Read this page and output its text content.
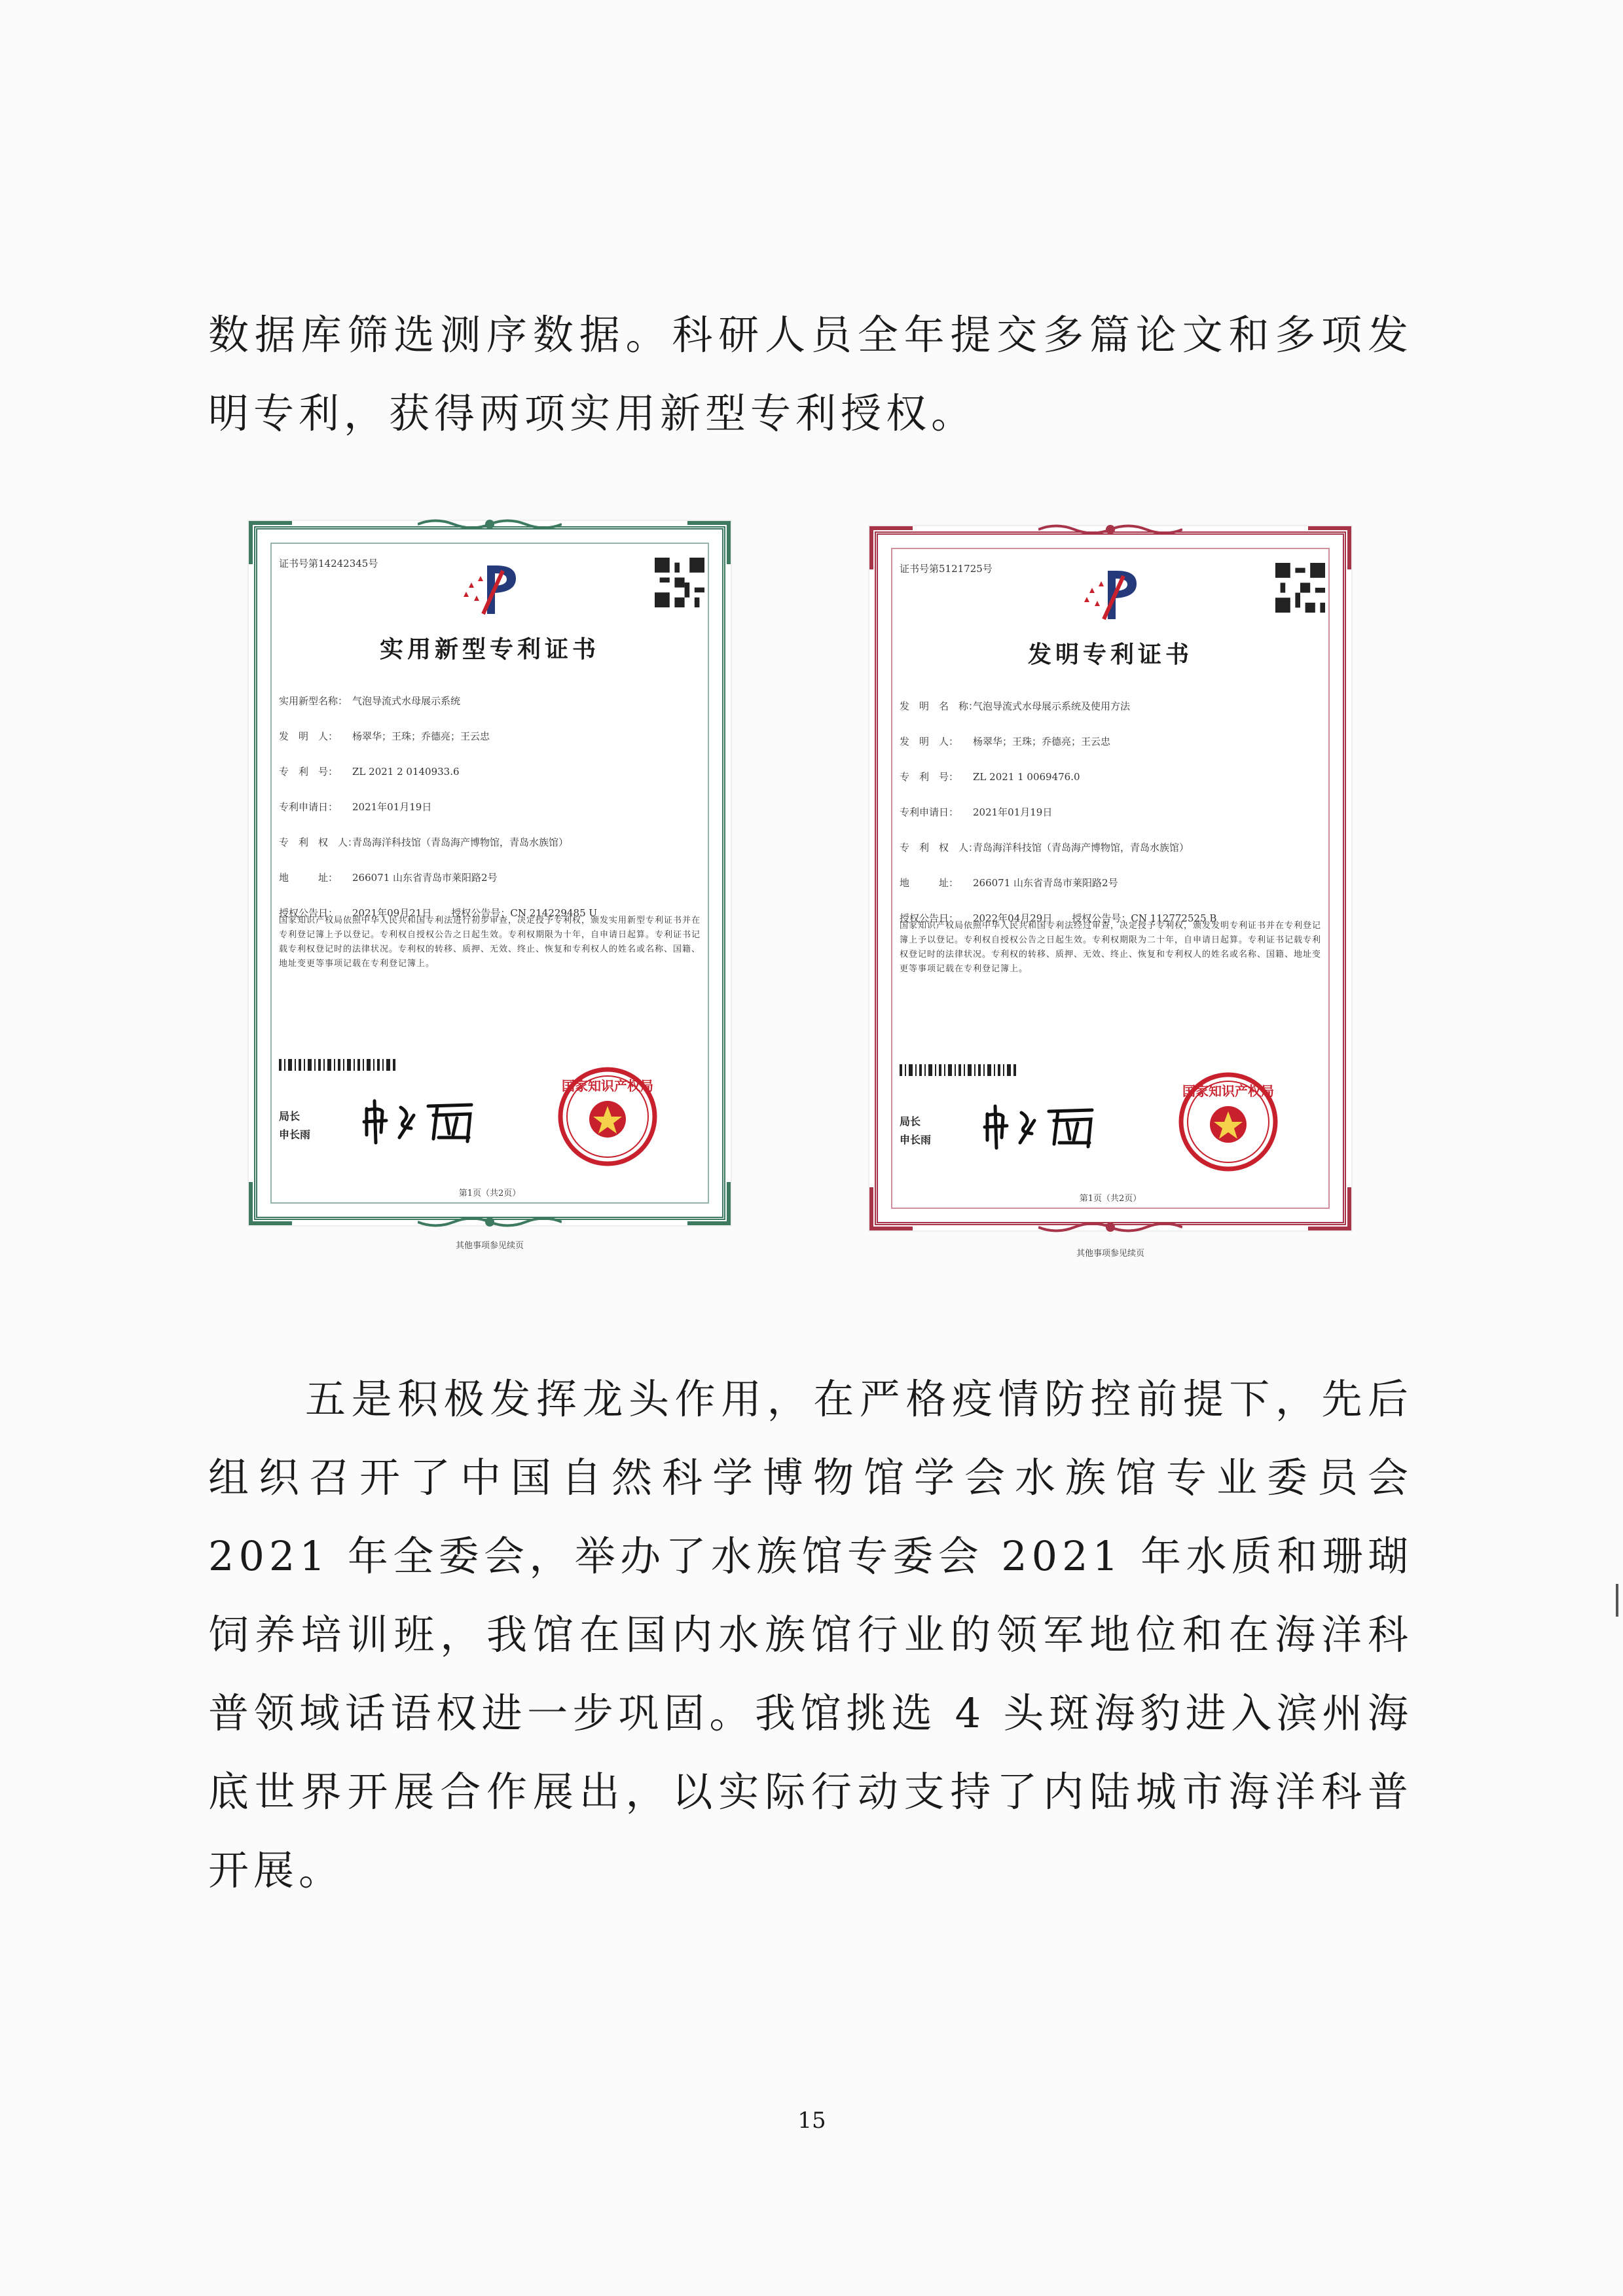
数据库筛选测序数据。科研人员全年提交多篇论文和多项发明专利，获得两项实用新型专利授权。

证书号第14242345号
实用新型专利证书
实用新型名称： 气泡导流式水母展示系统
发　明　人： 杨翠华；王珠；乔德亮；王云忠
专　利　号： ZL 2021 2 0140933.6
专利申请日： 2021年01月19日
专　利　权　人：青岛海洋科技馆（青岛海产博物馆，青岛水族馆）
地　　　址： 266071 山东省青岛市莱阳路2号
授权公告日： 2021年09月21日　　授权公告号：CN 214229485 U
国家知识产权局依照中华人民共和国专利法进行初步审查，决定授予专利权，颁发实用新型专利证书并在专利登记簿上予以登记。专利权自授权公告之日起生效。专利权期限为十年，自申请日起算。专利证书记载专利权登记时的法律状况。专利权的转移、质押、无效、终止、恢复和专利权人的姓名或名称、国籍、地址变更等事项记载在专利登记簿上。
局长
申长雨
国家知识产权局
第1页（共2页）
其他事项参见续页
证书号第5121725号
发明专利证书
发　明　名　称：气泡导流式水母展示系统及使用方法
发　明　人： 杨翠华；王珠；乔德亮；王云忠
专　利　号： ZL 2021 1 0069476.0
专利申请日： 2021年01月19日
专　利　权　人：青岛海洋科技馆（青岛海产博物馆，青岛水族馆）
地　　　址： 266071 山东省青岛市莱阳路2号
授权公告日： 2022年04月29日　　授权公告号：CN 112772525 B
国家知识产权局依照中华人民共和国专利法经过审查，决定授予专利权，颁发发明专利证书并在专利登记簿上予以登记。专利权自授权公告之日起生效。专利权期限为二十年，自申请日起算。专利证书记载专利权登记时的法律状况。专利权的转移、质押、无效、终止、恢复和专利权人的姓名或名称、国籍、地址变更等事项记载在专利登记簿上。
局长
申长雨
国家知识产权局
第1页（共2页）
其他事项参见续页

五是积极发挥龙头作用，在严格疫情防控前提下，先后组织召开了中国自然科学博物馆学会水族馆专业委员会 2021 年全委会，举办了水族馆专委会 2021 年水质和珊瑚饲养培训班，我馆在国内水族馆行业的领军地位和在海洋科普领域话语权进一步巩固。我馆挑选 4 头斑海豹进入滨州海底世界开展合作展出，以实际行动支持了内陆城市海洋科普开展。

15
